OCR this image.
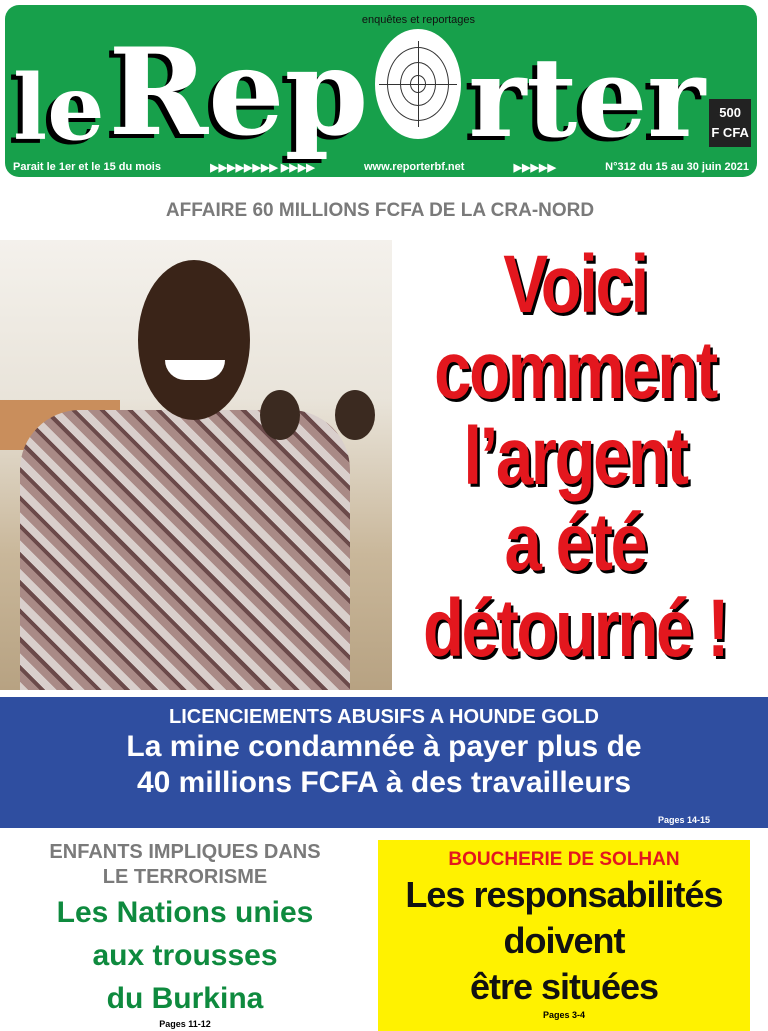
le Rep
enquêtes et reportages
rter	500
F CFA
Parait le 1er et le 15 du mois	▶▶▶▶▶▶▶▶ ▶▶▶▶	www.reporterbf.net	▶▶▶▶▶	N°312 du 15 au 30 juin 2021
AFFAIRE 60 MILLIONS FCFA DE LA CRA-NORD
Voici
comment
l’argent
a été
détourné !
LICENCIEMENTS ABUSIFS A HOUNDE GOLD
La mine condamnée à payer plus de
40 millions FCFA à des travailleurs
Pages 14-15
ENFANTS IMPLIQUES DANS
LE TERRORISME
Les Nations unies
aux trousses
du Burkina
Pages 11-12
BOUCHERIE DE SOLHAN
Les responsabilités
doivent
être situées
Pages 3-4
